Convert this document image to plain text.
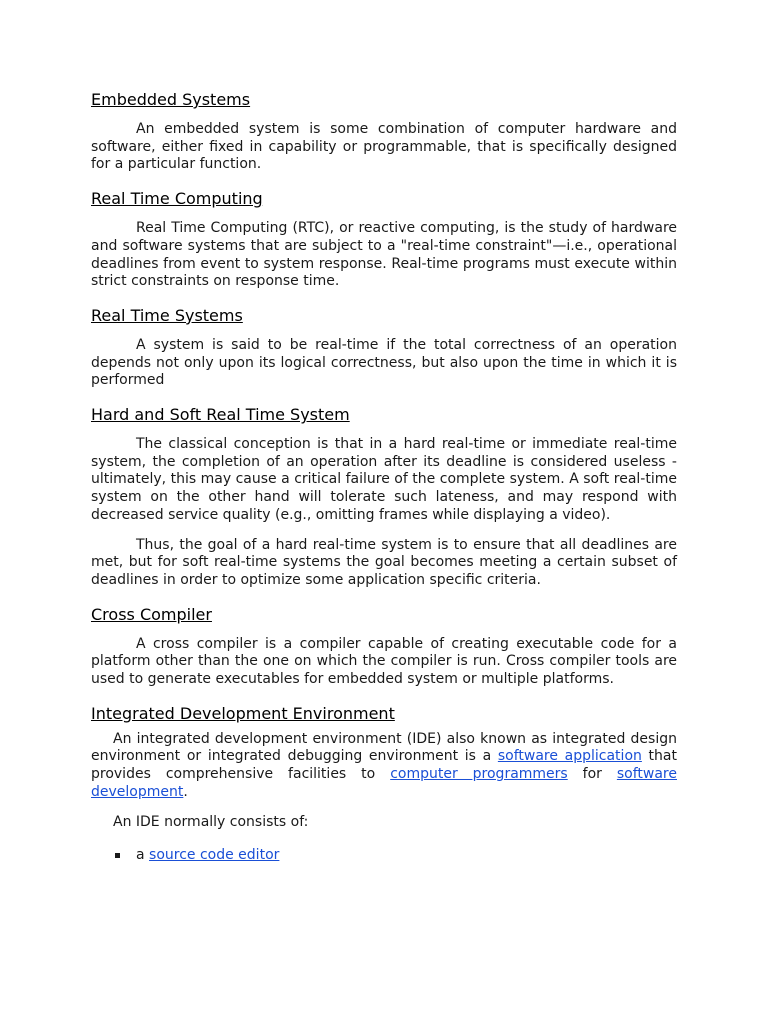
Embedded Systems

An embedded system is some combination of computer hardware and software, either fixed in capability or programmable, that is specifically designed for a particular function.

Real Time Computing

Real Time Computing (RTC), or reactive computing, is the study of hardware and software systems that are subject to a "real-time constraint"—i.e., operational deadlines from event to system response. Real-time programs must execute within strict constraints on response time.

Real Time Systems

A system is said to be real-time if the total correctness of an operation depends not only upon its logical correctness, but also upon the time in which it is performed

Hard and Soft Real Time System

The classical conception is that in a hard real-time or immediate real-time system, the completion of an operation after its deadline is considered useless - ultimately, this may cause a critical failure of the complete system. A soft real-time system on the other hand will tolerate such lateness, and may respond with decreased service quality (e.g., omitting frames while displaying a video).

Thus, the goal of a hard real-time system is to ensure that all deadlines are met, but for soft real-time systems the goal becomes meeting a certain subset of deadlines in order to optimize some application specific criteria.

Cross Compiler

A cross compiler is a compiler capable of creating executable code for a platform other than the one on which the compiler is run. Cross compiler tools are used to generate executables for embedded system or multiple platforms.

Integrated Development Environment

An integrated development environment (IDE) also known as integrated design environment or integrated debugging environment is a software application that provides comprehensive facilities to computer programmers for software development.

An IDE normally consists of:

a source code editor
